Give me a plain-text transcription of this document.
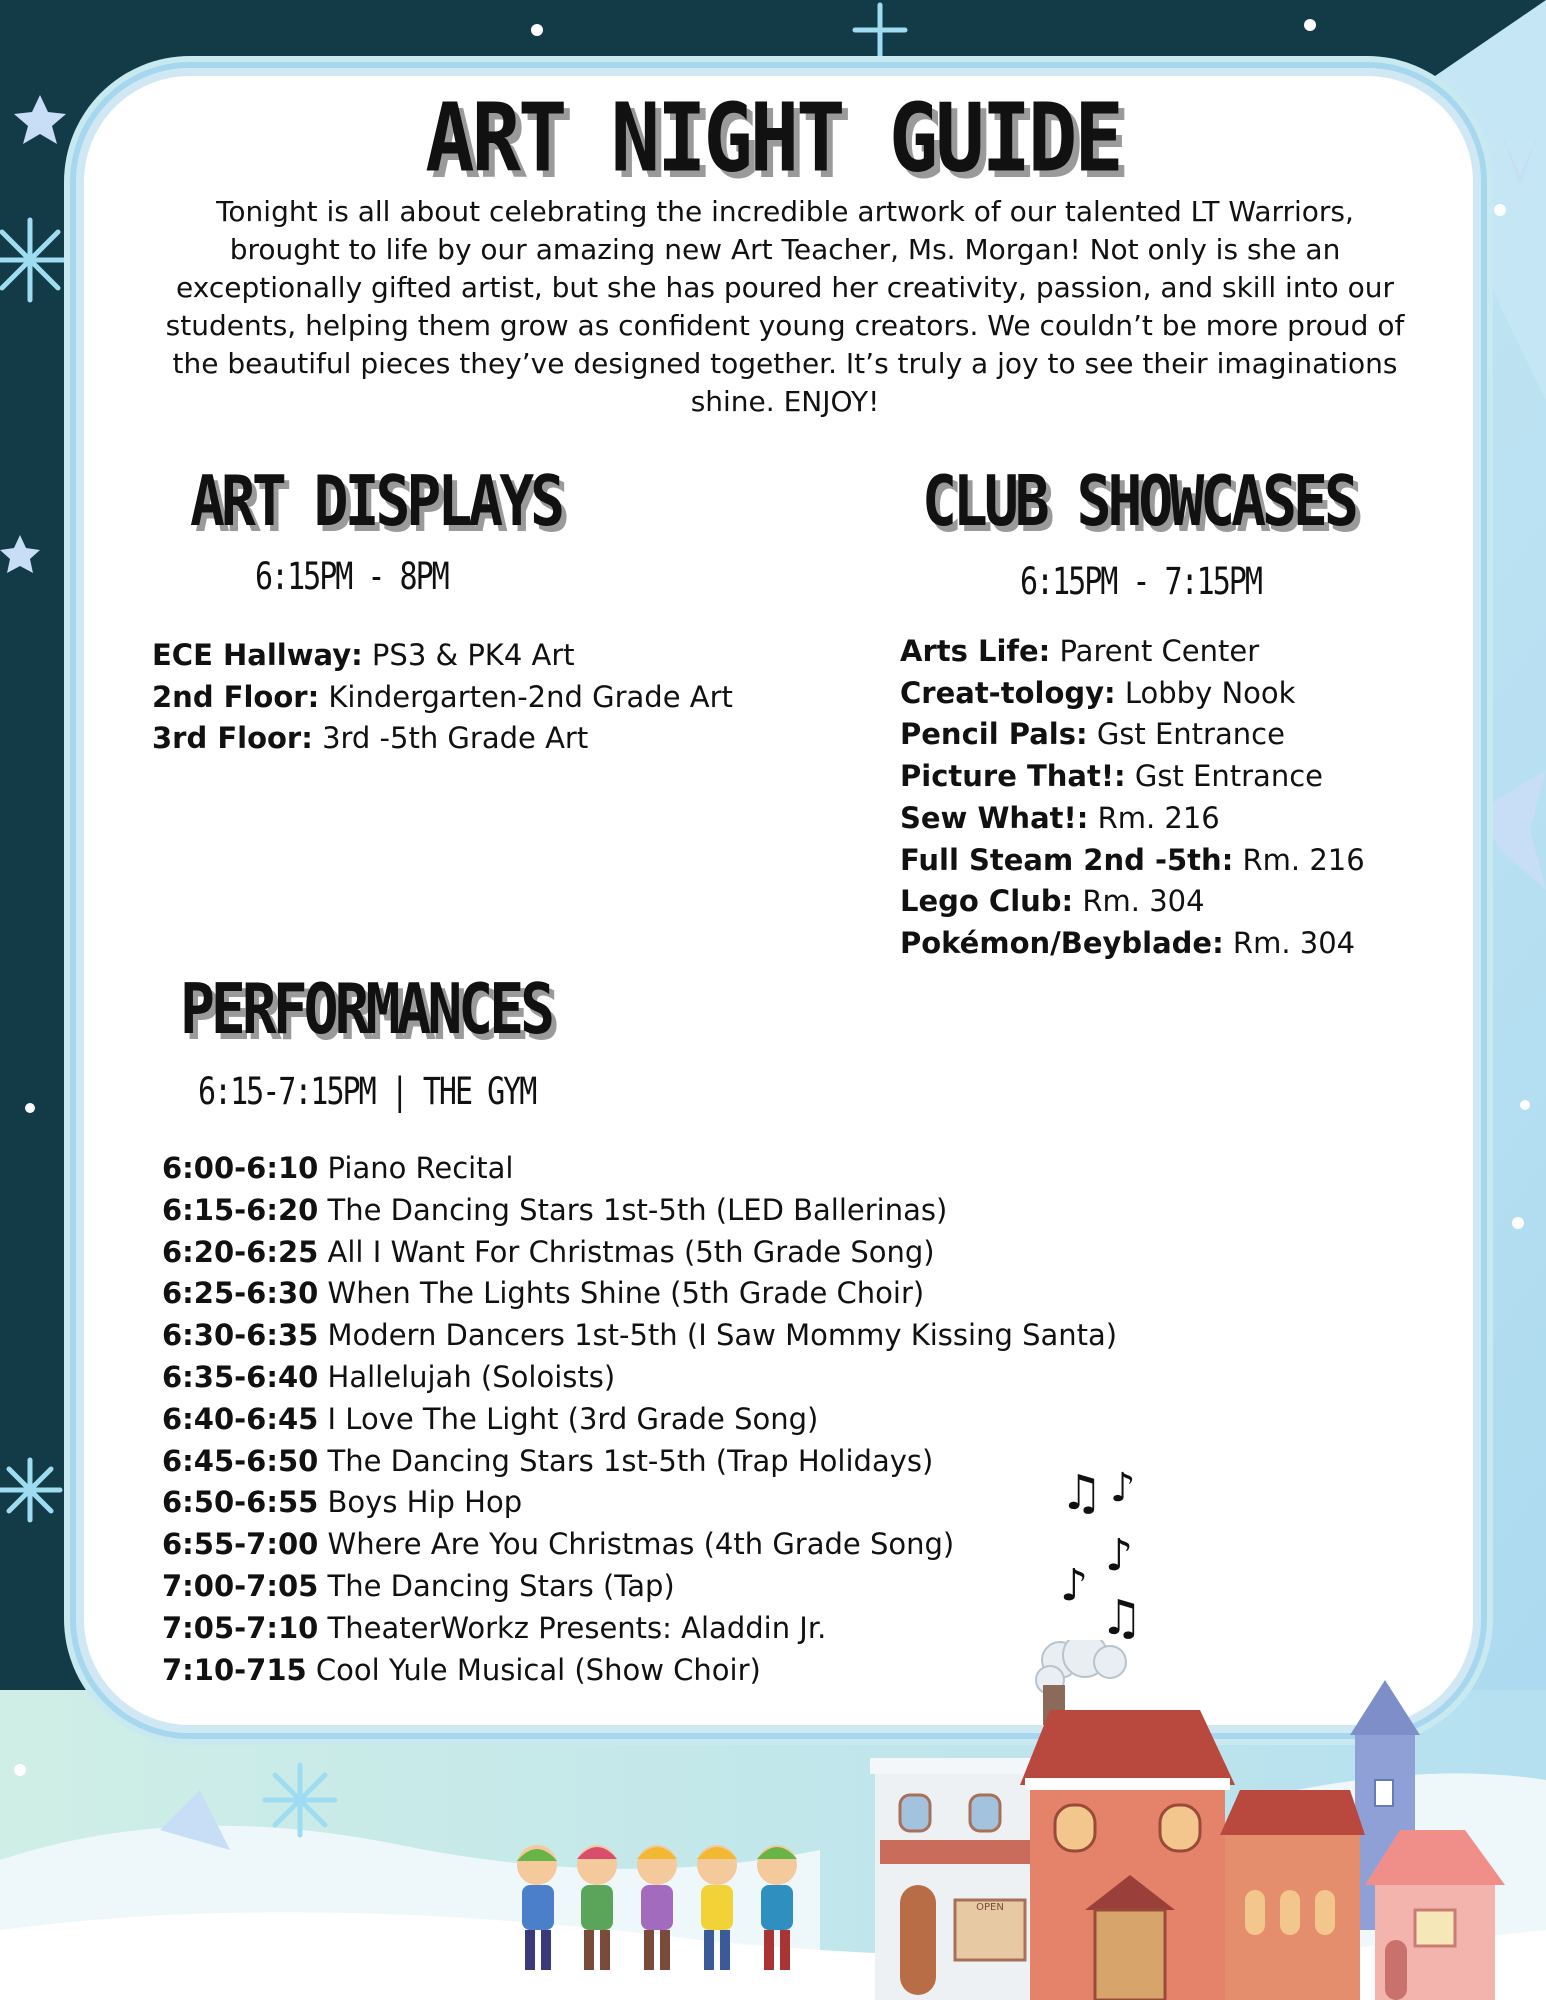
ART NIGHT GUIDE
Tonight is all about celebrating the incredible artwork of our talented LT Warriors, brought to life by our amazing new Art Teacher, Ms. Morgan! Not only is she an exceptionally gifted artist, but she has poured her creativity, passion, and skill into our students, helping them grow as confident young creators. We couldn’t be more proud of the beautiful pieces they’ve designed together. It’s truly a joy to see their imaginations shine. ENJOY!
ART DISPLAYS
6:15PM - 8PM
ECE Hallway: PS3 & PK4 Art
2nd Floor: Kindergarten-2nd Grade Art
3rd Floor: 3rd -5th Grade Art
CLUB SHOWCASES
6:15PM - 7:15PM
Arts Life: Parent Center
Creat-tology: Lobby Nook
Pencil Pals: Gst Entrance
Picture That!: Gst Entrance
Sew What!: Rm. 216
Full Steam 2nd -5th: Rm. 216
Lego Club: Rm. 304
Pokémon/Beyblade: Rm. 304
PERFORMANCES
6:15-7:15PM | THE GYM
6:00-6:10 Piano Recital
6:15-6:20 The Dancing Stars 1st-5th (LED Ballerinas)
6:20-6:25 All I Want For Christmas (5th Grade Song)
6:25-6:30 When The Lights Shine (5th Grade Choir)
6:30-6:35 Modern Dancers 1st-5th (I Saw Mommy Kissing Santa)
6:35-6:40 Hallelujah (Soloists)
6:40-6:45 I Love The Light (3rd Grade Song)
6:45-6:50 The Dancing Stars 1st-5th (Trap Holidays)
6:50-6:55 Boys Hip Hop
6:55-7:00 Where Are You Christmas (4th Grade Song)
7:00-7:05 The Dancing Stars (Tap)
7:05-7:10 TheaterWorkz Presents: Aladdin Jr.
7:10-715 Cool Yule Musical (Show Choir)
♫ ♪
♪
♪
♫
OPEN
